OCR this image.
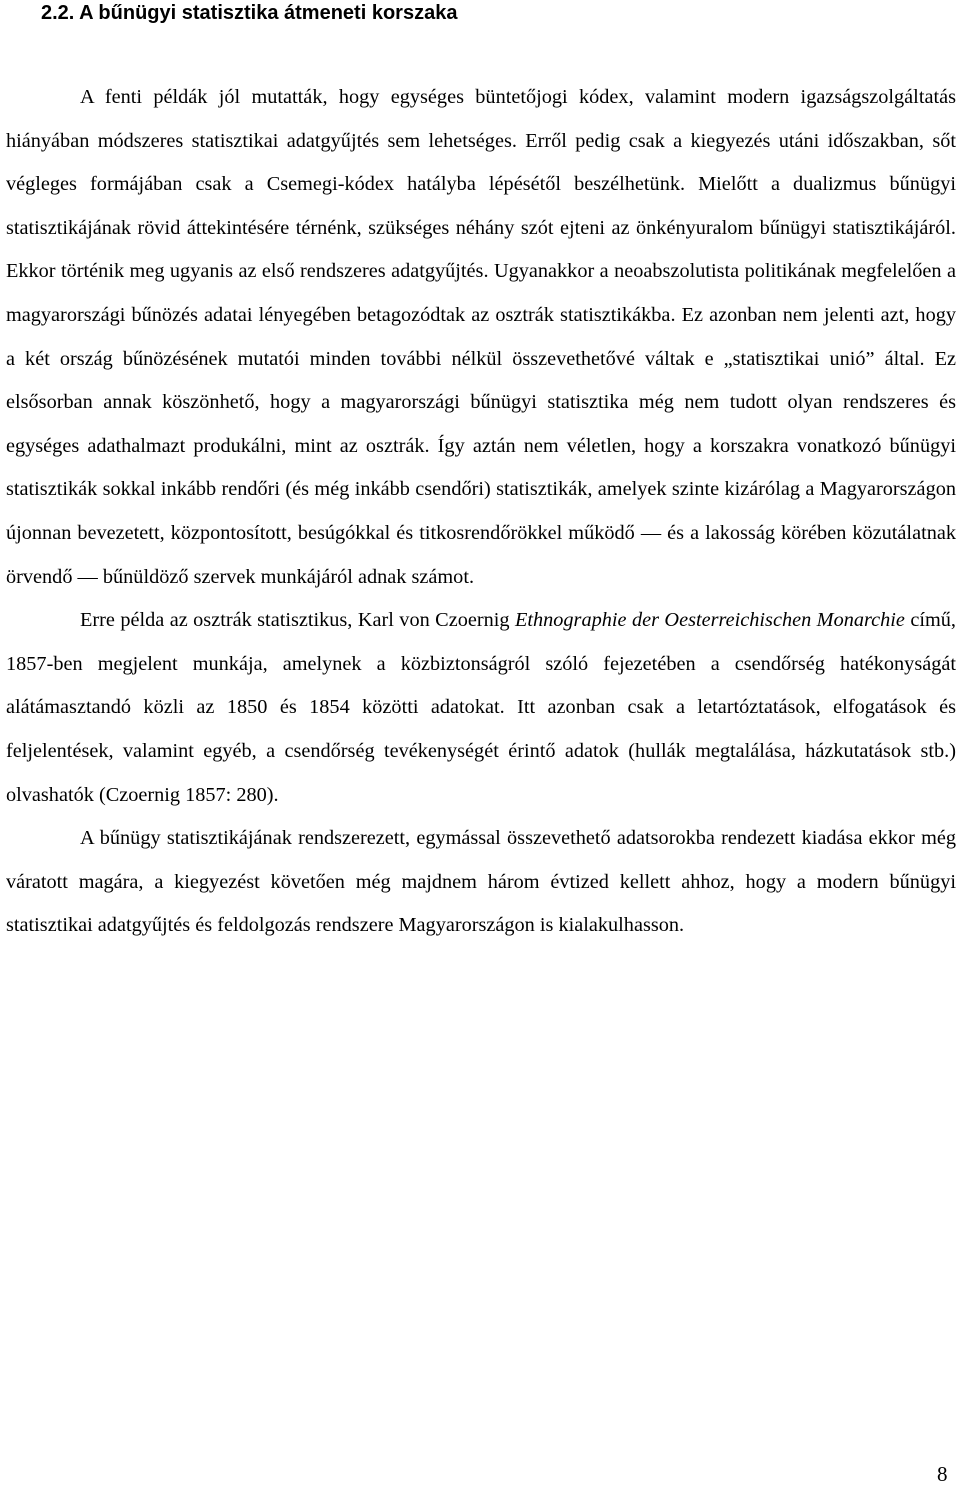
2.2. A bűnügyi statisztika átmeneti korszaka

A fenti példák jól mutatták, hogy egységes büntetőjogi kódex, valamint modern igazságszolgáltatás hiányában módszeres statisztikai adatgyűjtés sem lehetséges. Erről pedig csak a kiegyezés utáni időszakban, sőt végleges formájában csak a Csemegi-kódex hatályba lépésétől beszélhetünk. Mielőtt a dualizmus bűnügyi statisztikájának rövid áttekintésére térnénk, szükséges néhány szót ejteni az önkényuralom bűnügyi statisztikájáról. Ekkor történik meg ugyanis az első rendszeres adatgyűjtés. Ugyanakkor a neoabszolutista politikának megfelelően a magyarországi bűnözés adatai lényegében betagozódtak az osztrák statisztikákba. Ez azonban nem jelenti azt, hogy a két ország bűnözésének mutatói minden további nélkül összevethetővé váltak e „statisztikai unió” által. Ez elsősorban annak köszönhető, hogy a magyarországi bűnügyi statisztika még nem tudott olyan rendszeres és egységes adathalmazt produkálni, mint az osztrák. Így aztán nem véletlen, hogy a korszakra vonatkozó bűnügyi statisztikák sokkal inkább rendőri (és még inkább csendőri) statisztikák, amelyek szinte kizárólag a Magyarországon újonnan bevezetett, központosított, besúgókkal és titkosrendőrökkel működő — és a lakosság körében közutálatnak örvendő — bűnüldöző szervek munkájáról adnak számot.

Erre példa az osztrák statisztikus, Karl von Czoernig Ethnographie der Oesterreichischen Monarchie című, 1857-ben megjelent munkája, amelynek a közbiztonságról szóló fejezetében a csendőrség hatékonyságát alátámasztandó közli az 1850 és 1854 közötti adatokat. Itt azonban csak a letartóztatások, elfogatások és feljelentések, valamint egyéb, a csendőrség tevékenységét érintő adatok (hullák megtalálása, házkutatások stb.) olvashatók (Czoernig 1857: 280).

A bűnügy statisztikájának rendszerezett, egymással összevethető adatsorokba rendezett kiadása ekkor még váratott magára, a kiegyezést követően még majdnem három évtized kellett ahhoz, hogy a modern bűnügyi statisztikai adatgyűjtés és feldolgozás rendszere Magyarországon is kialakulhasson.

8
